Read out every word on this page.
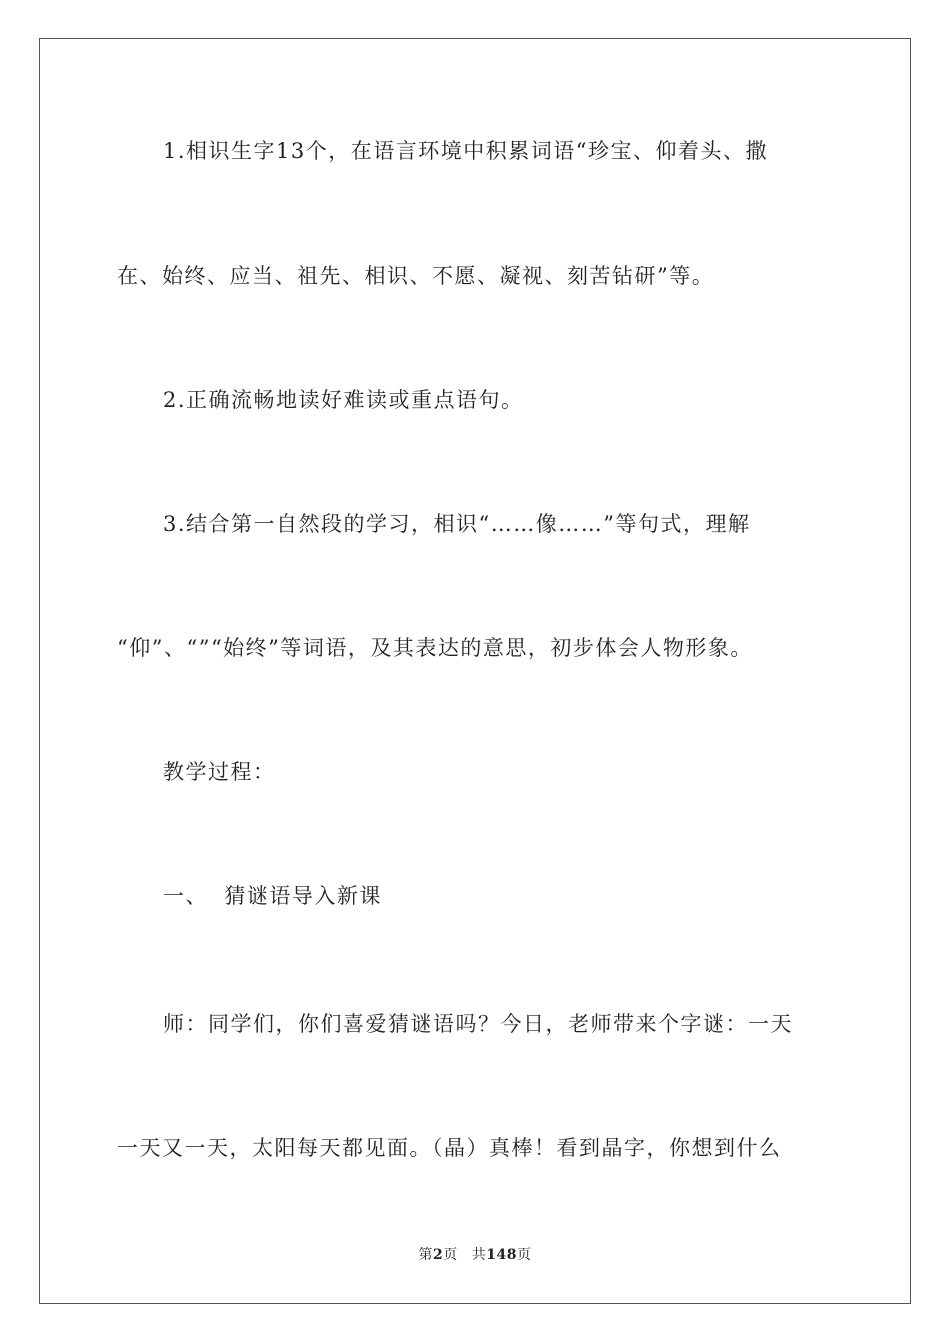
1.相识生字13个，在语言环境中积累词语“珍宝、仰着头、撒
在、始终、应当、祖先、相识、不愿、凝视、刻苦钻研”等。
2.正确流畅地读好难读或重点语句。
3.结合第一自然段的学习，相识“……像……”等句式，理解
“仰”、“”“始终”等词语，及其表达的意思，初步体会人物形象。
教学过程：
一、  猜谜语导入新课
师：同学们，你们喜爱猜谜语吗？今日，老师带来个字谜：一天
一天又一天，太阳每天都见面。（晶）真棒！看到晶字，你想到什么
第2页 共148页
